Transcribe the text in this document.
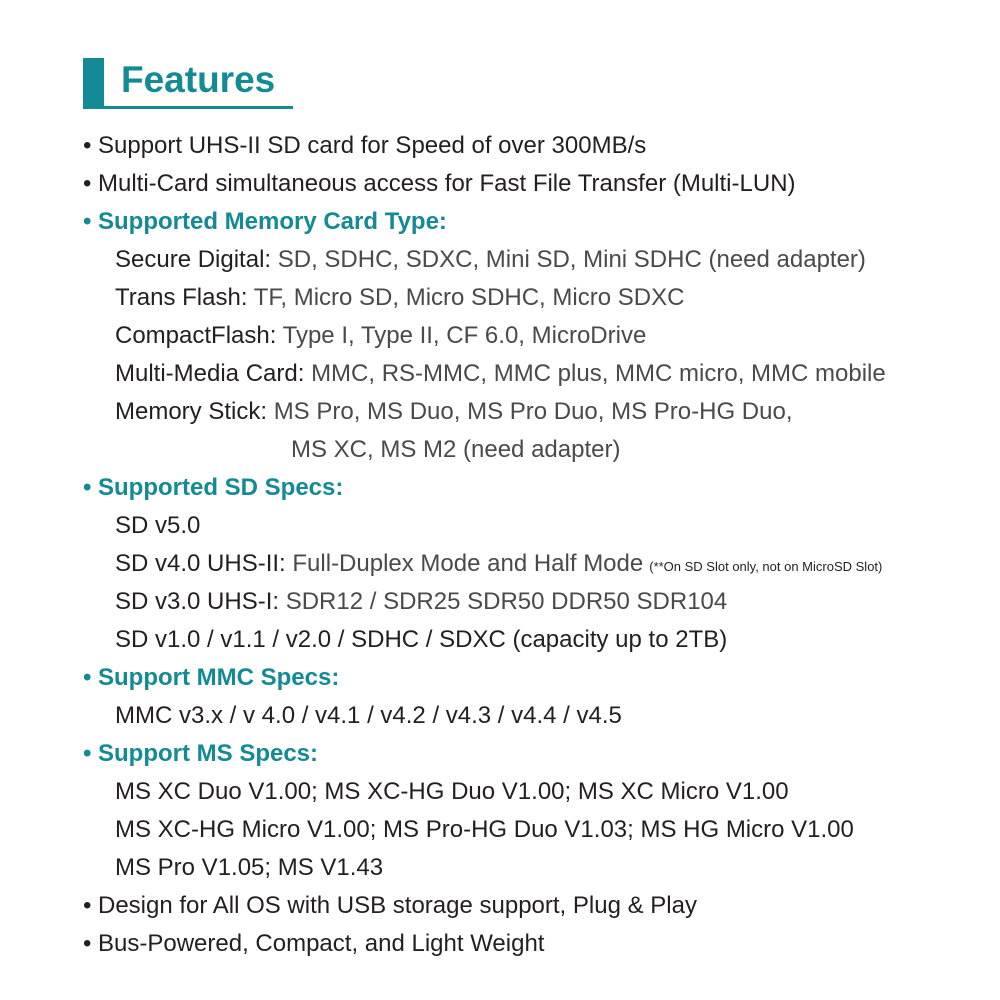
Features
• Support UHS-II SD card for Speed of over 300MB/s
• Multi-Card simultaneous access for Fast File Transfer (Multi-LUN)
• Supported Memory Card Type:
Secure Digital: SD, SDHC, SDXC, Mini SD, Mini SDHC (need adapter)
Trans Flash: TF, Micro SD, Micro SDHC, Micro SDXC
CompactFlash: Type I, Type II, CF 6.0, MicroDrive
Multi-Media Card: MMC, RS-MMC, MMC plus, MMC micro, MMC mobile
Memory Stick: MS Pro, MS Duo, MS Pro Duo, MS Pro-HG Duo,
MS XC, MS M2 (need adapter)
• Supported SD Specs:
SD v5.0
SD v4.0 UHS-II: Full-Duplex Mode and Half Mode (**On SD Slot only, not on MicroSD Slot)
SD v3.0 UHS-I: SDR12 / SDR25 SDR50 DDR50 SDR104
SD v1.0 / v1.1 / v2.0 / SDHC / SDXC (capacity up to 2TB)
• Support MMC Specs:
MMC v3.x / v 4.0 / v4.1 / v4.2 / v4.3 / v4.4 / v4.5
• Support MS Specs:
MS XC Duo V1.00; MS XC-HG Duo V1.00; MS XC Micro V1.00
MS XC-HG Micro V1.00; MS Pro-HG Duo V1.03; MS HG Micro V1.00
MS Pro V1.05; MS V1.43
• Design for All OS with USB storage support, Plug & Play
• Bus-Powered, Compact, and Light Weight
